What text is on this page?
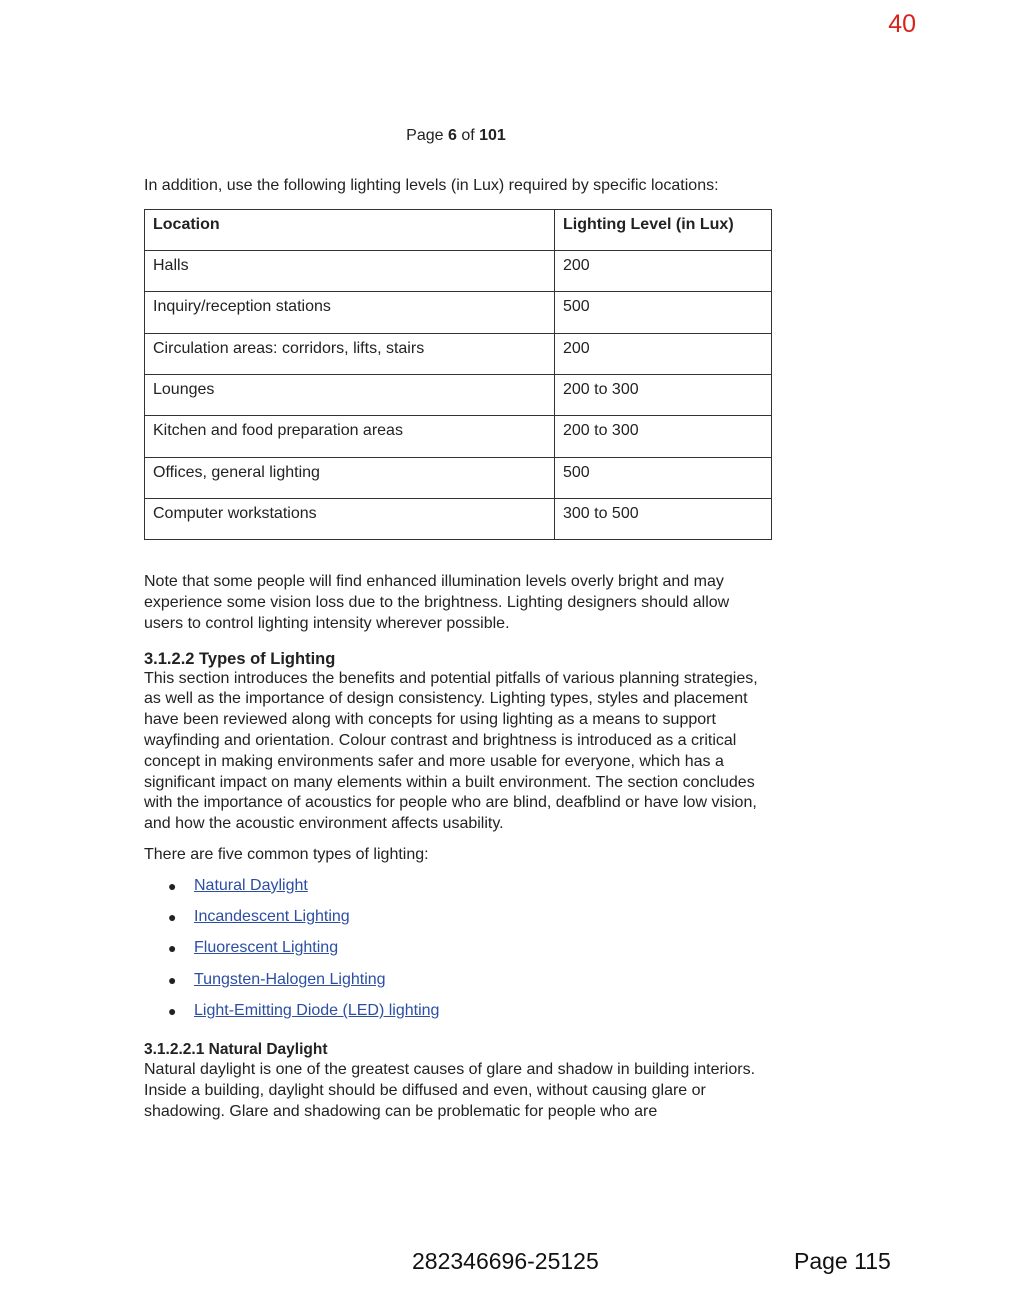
40
Page 6 of 101

In addition, use the following lighting levels (in Lux) required by specific locations:

Location	Lighting Level (in Lux)
Halls	200
Inquiry/reception stations	500
Circulation areas: corridors, lifts, stairs	200
Lounges	200 to 300
Kitchen and food preparation areas	200 to 300
Offices, general lighting	500
Computer workstations	300 to 500

Note that some people will find enhanced illumination levels overly bright and may experience some vision loss due to the brightness. Lighting designers should allow users to control lighting intensity wherever possible.

3.1.2.2 Types of Lighting

This section introduces the benefits and potential pitfalls of various planning strategies, as well as the importance of design consistency. Lighting types, styles and placement have been reviewed along with concepts for using lighting as a means to support wayfinding and orientation. Colour contrast and brightness is introduced as a critical concept in making environments safer and more usable for everyone, which has a significant impact on many elements within a built environment. The section concludes with the importance of acoustics for people who are blind, deafblind or have low vision, and how the acoustic environment affects usability.

There are five common types of lighting:

● Natural Daylight
● Incandescent Lighting
● Fluorescent Lighting
● Tungsten-Halogen Lighting
● Light-Emitting Diode (LED) lighting
3.1.2.2.1 Natural Daylight

Natural daylight is one of the greatest causes of glare and shadow in building interiors. Inside a building, daylight should be diffused and even, without causing glare or shadowing. Glare and shadowing can be problematic for people who are

282346696-25125	Page 115
